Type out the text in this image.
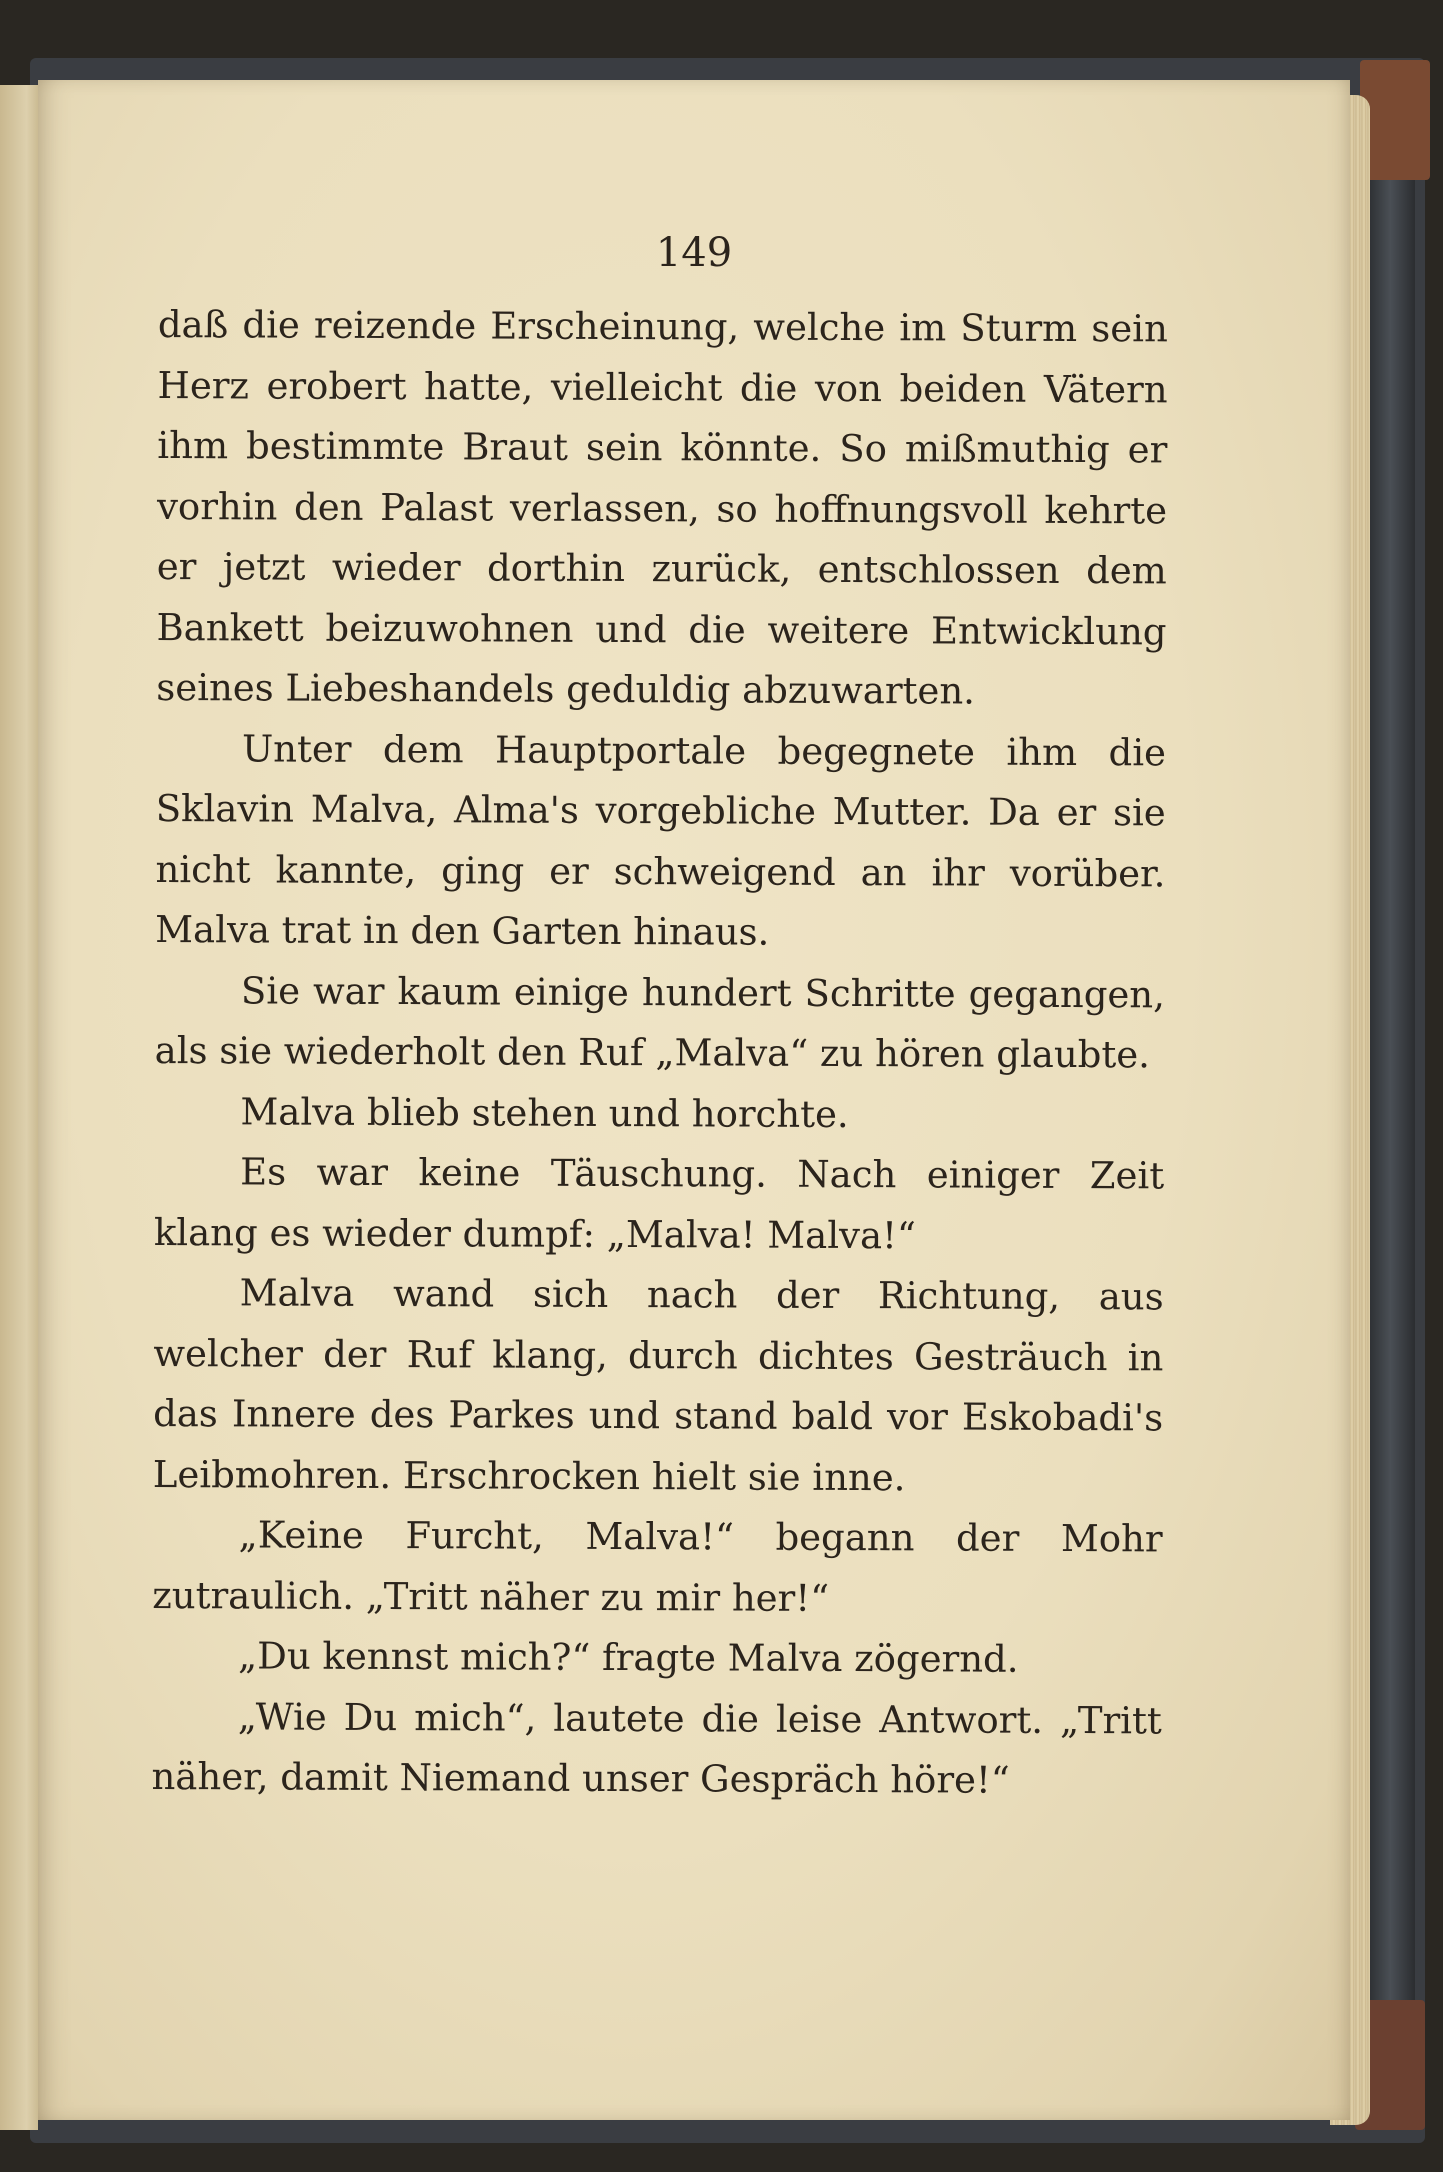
149

daß die reizende Erscheinung, welche im Sturm sein Herz erobert hatte, vielleicht die von beiden Vätern ihm bestimmte Braut sein könnte. So mißmuthig er vorhin den Palast verlassen, so hoffnungsvoll kehrte er jetzt wieder dorthin zurück, entschlossen dem Bankett beizuwohnen und die weitere Entwicklung seines Liebeshandels geduldig abzuwarten.

Unter dem Hauptportale begegnete ihm die Sklavin Malva, Alma's vorgebliche Mutter. Da er sie nicht kannte, ging er schweigend an ihr vorüber. Malva trat in den Garten hinaus.

Sie war kaum einige hundert Schritte gegangen, als sie wiederholt den Ruf „Malva“ zu hören glaubte.

Malva blieb stehen und horchte.

Es war keine Täuschung. Nach einiger Zeit klang es wieder dumpf: „Malva! Malva!“

Malva wand sich nach der Richtung, aus welcher der Ruf klang, durch dichtes Gesträuch in das Innere des Parkes und stand bald vor Eskobadi's Leibmohren. Erschrocken hielt sie inne.

„Keine Furcht, Malva!“ begann der Mohr zutraulich. „Tritt näher zu mir her!“

„Du kennst mich?“ fragte Malva zögernd.

„Wie Du mich“, lautete die leise Antwort. „Tritt näher, damit Niemand unser Gespräch höre!“
